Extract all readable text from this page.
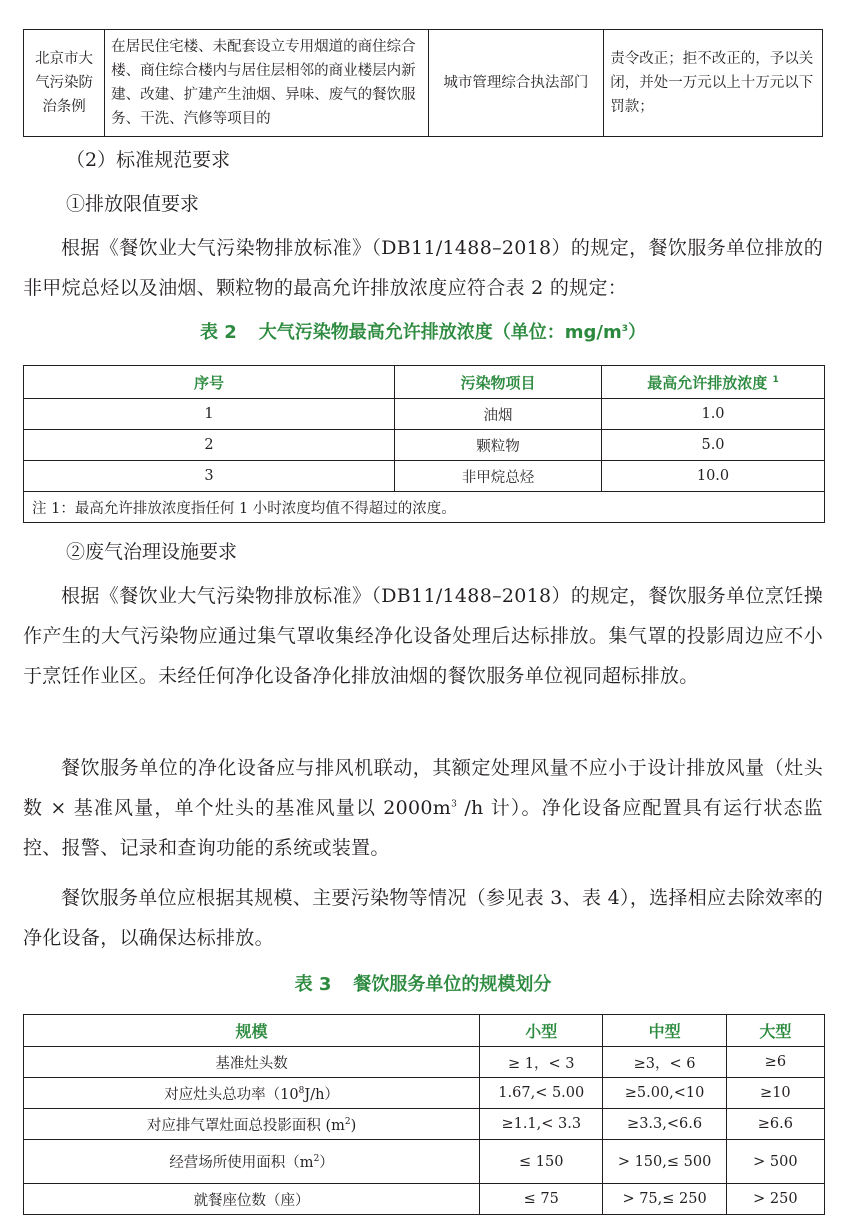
北京市大气污染防治条例	在居民住宅楼、未配套设立专用烟道的商住综合楼、商住综合楼内与居住层相邻的商业楼层内新建、改建、扩建产生油烟、异味、废气的餐饮服务、干洗、汽修等项目的	城市管理综合执法部门	责令改正；拒不改正的，予以关闭，并处一万元以上十万元以下罚款；
（2）标准规范要求
①排放限值要求
根据《餐饮业大气污染物排放标准》（DB11/1488–2018）的规定，餐饮服务单位排放的非甲烷总烃以及油烟、颗粒物的最高允许排放浓度应符合表 2 的规定：
表 2 大气污染物最高允许排放浓度（单位：$mg/m^3$）
序号	污染物项目	最高允许排放浓度 $^1$
1	油烟	1.0
2	颗粒物	5.0
3	非甲烷总烃	10.0
注 1：最高允许排放浓度指任何 1 小时浓度均值不得超过的浓度。		
②废气治理设施要求
根据《餐饮业大气污染物排放标准》（DB11/1488–2018）的规定，餐饮服务单位烹饪操作产生的大气污染物应通过集气罩收集经净化设备处理后达标排放。集气罩的投影周边应不小于烹饪作业区。未经任何净化设备净化排放油烟的餐饮服务单位视同超标排放。
餐饮服务单位的净化设备应与排风机联动，其额定处理风量不应小于设计排放风量（灶头数 × 基准风量，单个灶头的基准风量以 $2000m^3$ /h 计）。净化设备应配置具有运行状态监控、报警、记录和查询功能的系统或装置。
餐饮服务单位应根据其规模、主要污染物等情况（参见表 3、表 4），选择相应去除效率的净化设备，以确保达标排放。
表 3 餐饮服务单位的规模划分
规模	小型	中型	大型
基准灶头数	≥ 1，< 3	≥3，< 6	≥6
对应灶头总功率$(10^8J/h)$	1.67,< 5.00	≥5.00,<10	≥10
对应排气罩灶面总投影面积 $(m^2)$	≥1.1,< 3.3	≥3.3,<6.6	≥6.6
经营场所使用面积$(m^2)$	≤ 150	> 150,≤ 500	> 500
就餐座位数（座）	≤ 75	> 75,≤ 250	> 250
